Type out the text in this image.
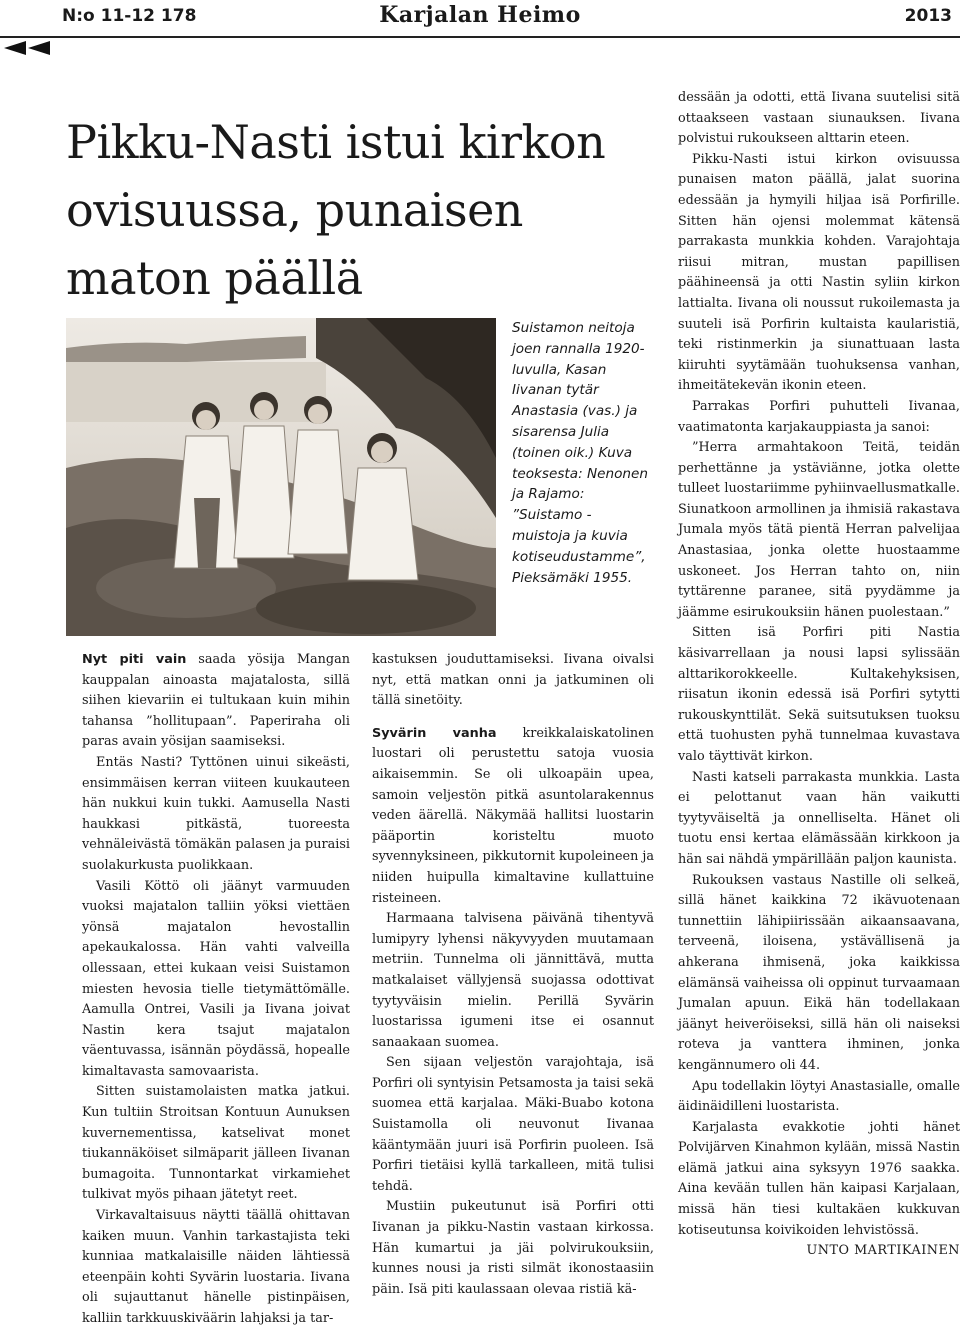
N:o 11-12 178	Karjalan Heimo	2013
Pikku-Nasti istui kirkon ovisuussa, punaisen maton päällä

Suistamon neitoja joen rannalla 1920-luvulla, Kasan Iivanan tytär Anastasia (vas.) ja sisarensa Julia (toinen oik.) Kuva teoksesta: Nenonen ja Rajamo: ”Suistamo - muistoja ja kuvia kotiseudustamme”, Pieksämäki 1955.

Nyt piti vain saada yösija Mangan kauppalan ainoasta majatalosta, sillä siihen kievariin ei tultukaan kuin mihin tahansa ”hollitupaan”. Paperiraha oli paras avain yösijan saamiseksi.

Entäs Nasti? Tyttönen uinui sikeästi, ensimmäisen kerran viiteen kuukauteen hän nukkui kuin tukki. Aamusella Nasti haukkasi pitkästä, tuoreesta vehnäleivästä tömäkän palasen ja puraisi suolakurkusta puolikkaan.

Vasili Köttö oli jäänyt varmuuden vuoksi majatalon talliin yöksi viettäen yönsä majatalon hevostallin apekaukalossa. Hän vahti valveilla ollessaan, ettei kukaan veisi Suistamon miesten hevosia tielle tietymättömälle. Aamulla Ontrei, Vasili ja Iivana joivat Nastin kera tsajut majatalon väentuvassa, isännän pöydässä, hopealle kimaltavasta samovaarista.

Sitten suistamolaisten matka jatkui. Kun tultiin Stroitsan Kontuun Aunuksen kuvernementissa, katselivat monet tiukannäköiset silmäparit jälleen Iivanan bumagoita. Tunnontarkat virkamiehet tulkivat myös pihaan jätetyt reet.

Virkavaltaisuus näytti täällä ohittavan kaiken muun. Vanhin tarkastajista teki kunniaa matkalaisille näiden lähtiessä eteenpäin kohti Syvärin luostaria. Iivana oli sujauttanut hänelle pistinpäisen, kalliin tarkkuuskiväärin lahjaksi ja tar-

kastuksen jouduttamiseksi. Iivana oivalsi nyt, että matkan onni ja jatkuminen oli tällä sinetöity.

Syvärin vanha kreikkalaiskatolinen luostari oli perustettu satoja vuosia aikaisemmin. Se oli ulkoapäin upea, samoin veljestön pitkä asuntolarakennus veden äärellä. Näkymää hallitsi luostarin pääportin koristeltu muoto syvennyksineen, pikkutornit kupoleineen ja niiden huipulla kimaltavine kullattuine risteineen.

Harmaana talvisena päivänä tihentyvä lumipyry lyhensi näkyvyyden muutamaan metriin. Tunnelma oli jännittävä, mutta matkalaiset vällyjensä suojassa odottivat tyytyväisin mielin. Perillä Syvärin luostarissa igumeni itse ei osannut sanaakaan suomea.

Sen sijaan veljestön varajohtaja, isä Porfiri oli syntyisin Petsamosta ja taisi sekä suomea että karjalaa. Mäki-Buabo kotona Suistamolla oli neuvonut Iivanaa kääntymään juuri isä Porfirin puoleen. Isä Porfiri tietäisi kyllä tarkalleen, mitä tulisi tehdä.

Mustiin pukeutunut isä Porfiri otti Iivanan ja pikku-Nastin vastaan kirkossa. Hän kumartui ja jäi polvirukouksiin, kunnes nousi ja risti silmät ikonostaasiin päin. Isä piti kaulassaan olevaa ristiä kä-

dessään ja odotti, että Iivana suutelisi sitä ottaakseen vastaan siunauksen. Iivana polvistui rukoukseen alttarin eteen.

Pikku-Nasti istui kirkon ovisuussa punaisen maton päällä, jalat suorina edessään ja hymyili hiljaa isä Porfirille. Sitten hän ojensi molemmat kätensä parrakasta munkkia kohden. Varajohtaja riisui mitran, mustan papillisen päähineensä ja otti Nastin syliin kirkon lattialta. Iivana oli noussut rukoilemasta ja suuteli isä Porfirin kultaista kaularistiä, teki ristinmerkin ja siunattuaan lasta kiiruhti syytämään tuohuksensa vanhan, ihmeitätekevän ikonin eteen.

Parrakas Porfiri puhutteli Iivanaa, vaatimatonta karjakauppiasta ja sanoi:

”Herra armahtakoon Teitä, teidän perhettänne ja ystäviänne, jotka olette tulleet luostariimme pyhiinvaellusmatkalle. Siunatkoon armollinen ja ihmisiä rakastava Jumala myös tätä pientä Herran palvelijaa Anastasiaa, jonka olette huostaamme uskoneet. Jos Herran tahto on, niin tyttärenne paranee, sitä pyydämme ja jäämme esirukouksiin hänen puolestaan.”

Sitten isä Porfiri piti Nastia käsivarrellaan ja nousi lapsi sylissään alttarikorokkeelle. Kultakehyksisen, riisatun ikonin edessä isä Porfiri sytytti rukouskynttilät. Sekä suitsutuksen tuoksu että tuohusten pyhä tunnelmaa kuvastava valo täyttivät kirkon.

Nasti katseli parrakasta munkkia. Lasta ei pelottanut vaan hän vaikutti tyytyväiseltä ja onnelliselta. Hänet oli tuotu ensi kertaa elämässään kirkkoon ja hän sai nähdä ympärillään paljon kaunista.

Rukouksen vastaus Nastille oli selkeä, sillä hänet kaikkina 72 ikävuotenaan tunnettiin lähipiirissään aikaansaavana, terveenä, iloisena, ystävällisenä ja ahkerana ihmisenä, joka kaikkissa elämänsä vaiheissa oli oppinut turvaamaan Jumalan apuun. Eikä hän todellakaan jäänyt heiveröiseksi, sillä hän oli naiseksi roteva ja vanttera ihminen, jonka kengännumero oli 44.

Apu todellakin löytyi Anastasialle, omalle äidinäidilleni luostarista.

Karjalasta evakkotie johti hänet Polvijärven Kinahmon kylään, missä Nastin elämä jatkui aina syksyyn 1976 saakka. Aina kevään tullen hän kaipasi Karjalaan, missä hän tiesi kultakäen kukkuvan kotiseutunsa koivikoiden lehvistössä.

UNTO MARTIKAINEN
